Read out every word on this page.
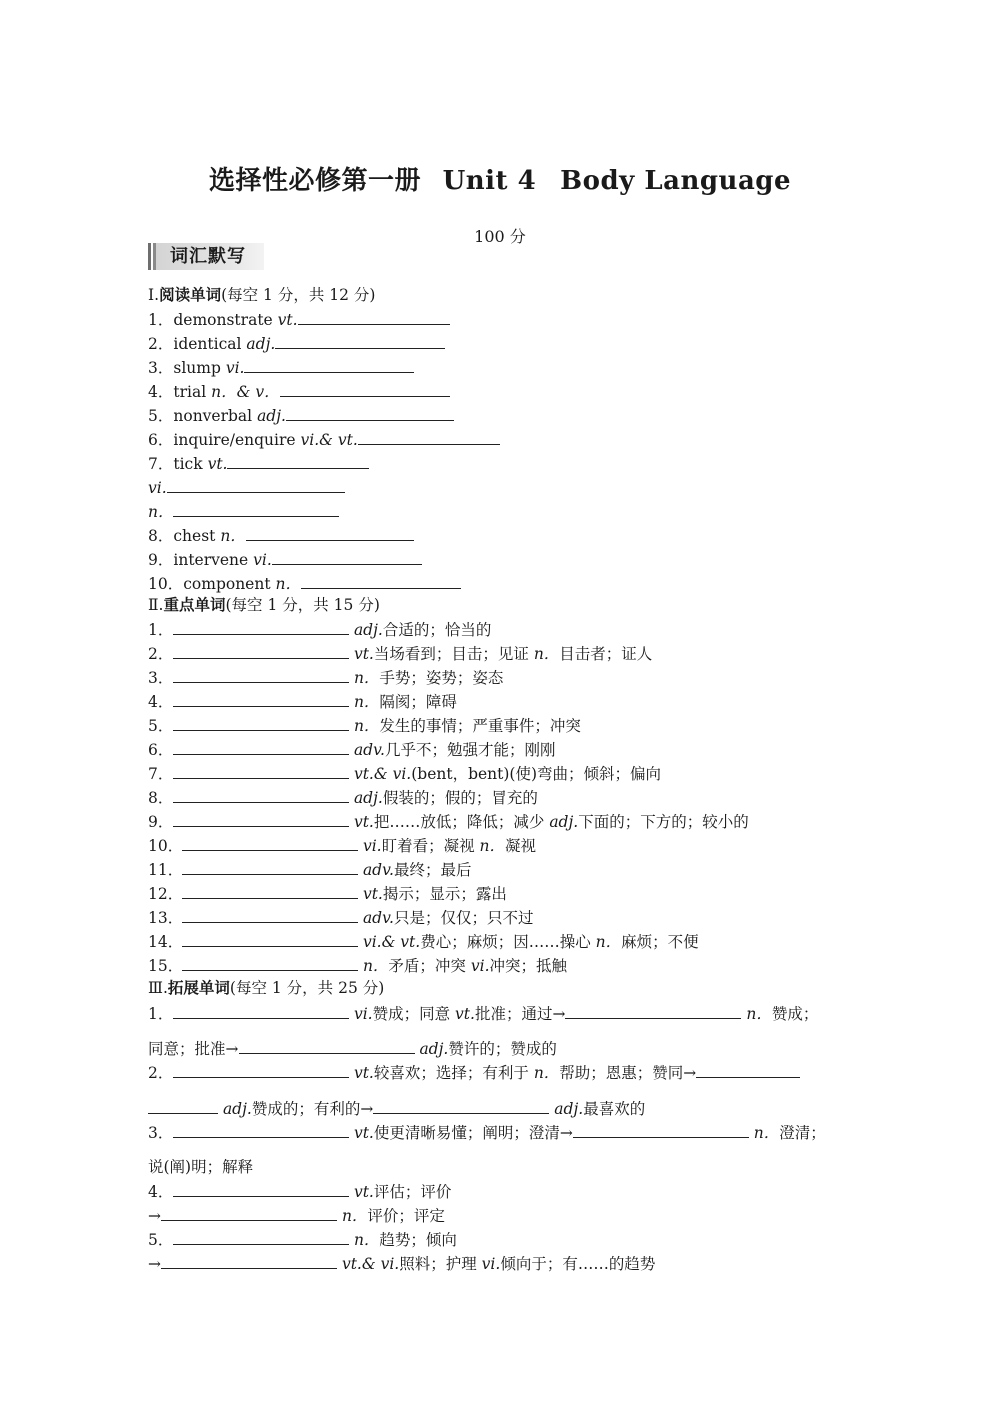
选择性必修第一册 Unit 4 Body Language
100 分
词汇默写
Ⅰ.阅读单词(每空 1 分，共 12 分)
1．demonstrate vt.
2．identical adj.
3．slump vi.
4．trial n．& v．
5．nonverbal adj.
6．inquire/enquire vi.& vt.
7．tick vt.
vi.
n．
8．chest n．
9．intervene vi.
10．component n．
Ⅱ.重点单词(每空 1 分，共 15 分)
1．	adj.合适的；恰当的
2．	vt.当场看到；目击；见证 n．目击者；证人
3．	n．手势；姿势；姿态
4．	n．隔阂；障碍
5．	n．发生的事情；严重事件；冲突
6．	adv.几乎不；勉强才能；刚刚
7．	vt.& vi.(bent，bent)(使)弯曲；倾斜；偏向
8．	adj.假装的；假的；冒充的
9．	vt.把……放低；降低；减少 adj.下面的；下方的；较小的
10．	vi.盯着看；凝视 n．凝视
11．	adv.最终；最后
12．	vt.揭示；显示；露出
13．	adv.只是；仅仅；只不过
14．	vi.& vt.费心；麻烦；因……操心 n．麻烦；不便
15．	n．矛盾；冲突 vi.冲突；抵触
Ⅲ.拓展单词(每空 1 分，共 25 分)
1．	vi.赞成；同意 vt.批准；通过→	n．赞成；
同意；批准→	adj.赞许的；赞成的
2．	vt.较喜欢；选择；有利于 n．帮助；恩惠；赞同→
adj.赞成的；有利的→	adj.最喜欢的
3．	vt.使更清晰易懂；阐明；澄清→	n．澄清；
说(阐)明；解释
4．	vt.评估；评价
→	n．评价；评定
5．	n．趋势；倾向
→	vt.& vi.照料；护理 vi.倾向于；有……的趋势
